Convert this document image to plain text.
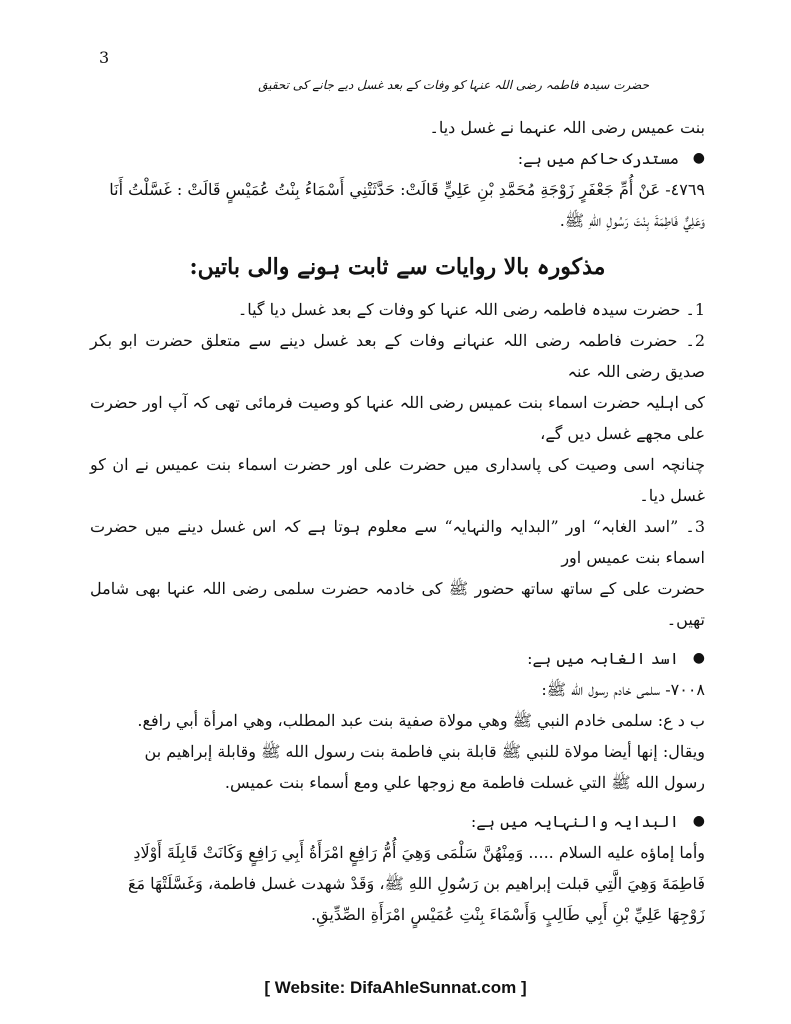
3
حضرت سیدہ فاطمہ رضی اللہ عنہا کو وفات کے بعد غسل دیے جانے کی تحقیق

بنت عمیس رضی اللہ عنہما نے غسل دیا۔

●
مستدرک حاکم میں ہے:

٤٧٦٩- عَنْ أُمِّ جَعْفَرٍ زَوْجَةِ مُحَمَّدِ بْنِ عَلِيٍّ قَالَتْ: حَدَّثَتْنِي أَسْمَاءُ بِنْتُ عُمَيْسٍ قَالَتْ : غَسَّلْتُ أَنَا

وَعَلِيٌّ فَاطِمَةَ بِنْتَ رَسُولِ اللهِ ﷺ.

مذکورہ بالا روایات سے ثابت ہونے والی باتیں:

1۔ حضرت سیدہ فاطمہ رضی اللہ عنہا کو وفات کے بعد غسل دیا گیا۔

2۔ حضرت فاطمہ رضی اللہ عنہانے وفات کے بعد غسل دینے سے متعلق حضرت ابو بکر صدیق رضی اللہ عنہ

کی اہلیہ حضرت اسماء بنت عمیس رضی اللہ عنہا کو وصیت فرمائی تھی کہ آپ اور حضرت علی مجھے غسل دیں گے،

چنانچہ اسی وصیت کی پاسداری میں حضرت علی اور حضرت اسماء بنت عمیس نے ان کو غسل دیا۔

3۔ ”اسد الغابہ“ اور ”البدایہ والنہایہ“ سے معلوم ہوتا ہے کہ اس غسل دینے میں حضرت اسماء بنت عمیس اور

حضرت علی کے ساتھ ساتھ حضور ﷺ کی خادمہ حضرت سلمی رضی اللہ عنہا بھی شامل تھیں۔

●
اسد الغابہ میں ہے:

٧٠٠٨- سلمى خادم رسول الله ﷺ:

ب د ع: سلمى خادم النبي ﷺ وهي مولاة صفية بنت عبد المطلب، وهي امرأة أبي رافع.

ويقال: إنها أيضا مولاة للنبي ﷺ قابلة بني فاطمة بنت رسول الله ﷺ وقابلة إبراهيم بن

رسول الله ﷺ التي غسلت فاطمة مع زوجها علي ومع أسماء بنت عميس.

●
البدایہ والنہایہ میں ہے:

وأما إماؤه عليه السلام ..... وَمِنْهُنَّ سَلْمَى وَهِيَ أُمُّ رَافِعٍ امْرَأَةُ أَبِي رَافِعٍ وَكَانَتْ قَابِلَةَ أَوْلَادِ

فَاطِمَةَ وَهِيَ الَّتِي قبلت إبراهيم بن رَسُولِ اللهِ ﷺ، وَقَدْ شهدت غسل فاطمة، وَغَسَّلَتْهَا مَعَ

زَوْجِهَا عَلِيِّ بْنِ أَبِي طَالِبٍ وَأَسْمَاءَ بِنْتِ عُمَيْسٍ امْرَأَةِ الصِّدِّيقِ.

[ Website: DifaAhleSunnat.com ]
